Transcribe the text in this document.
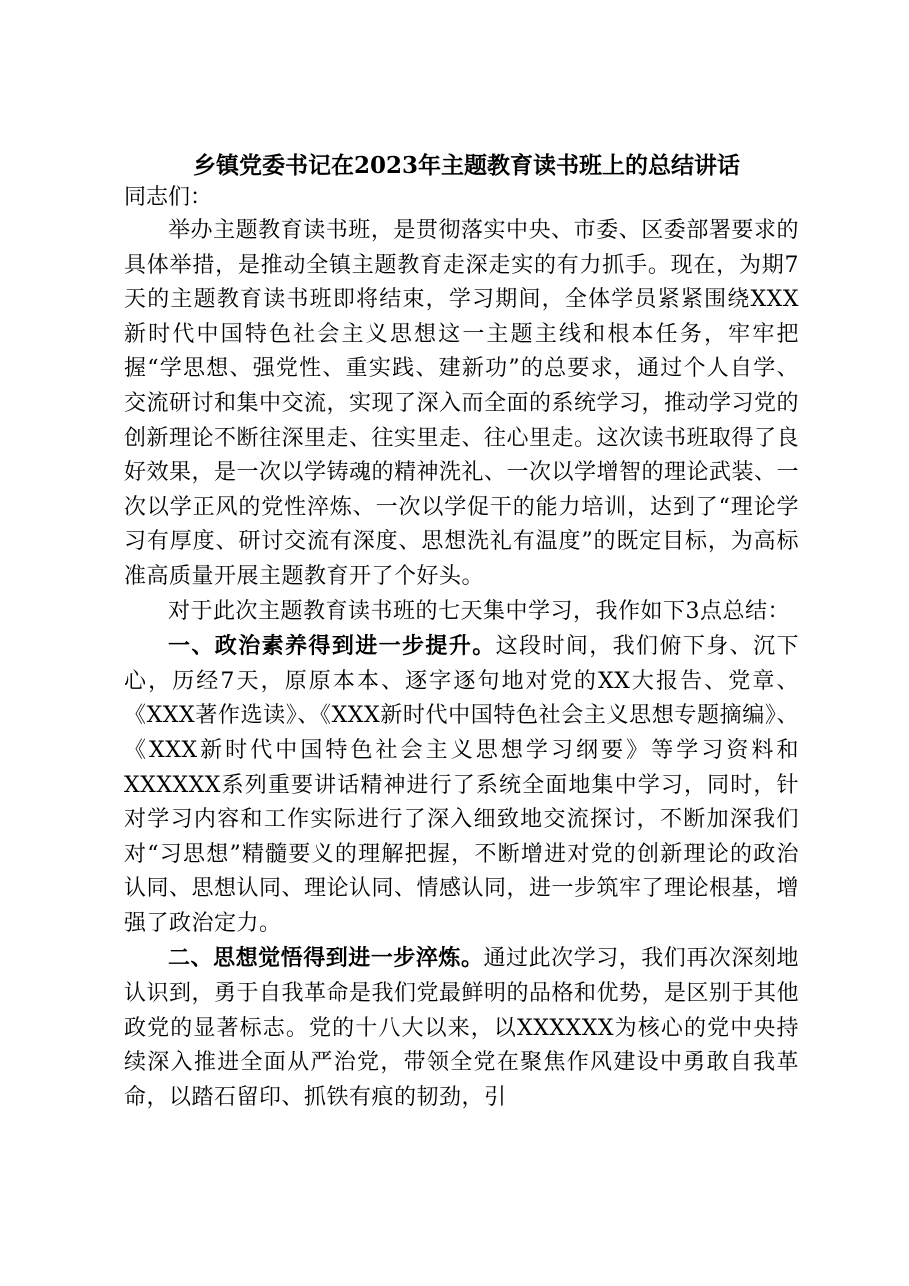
乡镇党委书记在2023年主题教育读书班上的总结讲话

同志们：

举办主题教育读书班，是贯彻落实中央、市委、区委部署要求的具体举措，是推动全镇主题教育走深走实的有力抓手。现在，为期7天的主题教育读书班即将结束，学习期间，全体学员紧紧围绕XXX新时代中国特色社会主义思想这一主题主线和根本任务，牢牢把握“学思想、强党性、重实践、建新功”的总要求，通过个人自学、交流研讨和集中交流，实现了深入而全面的系统学习，推动学习党的创新理论不断往深里走、往实里走、往心里走。这次读书班取得了良好效果，是一次以学铸魂的精神洗礼、一次以学增智的理论武装、一次以学正风的党性淬炼、一次以学促干的能力培训，达到了“理论学习有厚度、研讨交流有深度、思想洗礼有温度”的既定目标，为高标准高质量开展主题教育开了个好头。

对于此次主题教育读书班的七天集中学习，我作如下3点总结：

一、政治素养得到进一步提升。这段时间，我们俯下身、沉下心，历经7天，原原本本、逐字逐句地对党的XX大报告、党章、《XXX著作选读》、《XXX新时代中国特色社会主义思想专题摘编》、《XXX新时代中国特色社会主义思想学习纲要》等学习资料和XXXXXX系列重要讲话精神进行了系统全面地集中学习，同时，针对学习内容和工作实际进行了深入细致地交流探讨，不断加深我们对“习思想”精髓要义的理解把握，不断增进对党的创新理论的政治认同、思想认同、理论认同、情感认同，进一步筑牢了理论根基，增强了政治定力。

二、思想觉悟得到进一步淬炼。通过此次学习，我们再次深刻地认识到，勇于自我革命是我们党最鲜明的品格和优势，是区别于其他政党的显著标志。党的十八大以来，以XXXXXX为核心的党中央持续深入推进全面从严治党，带领全党在聚焦作风建设中勇敢自我革命，以踏石留印、抓铁有痕的韧劲，引
